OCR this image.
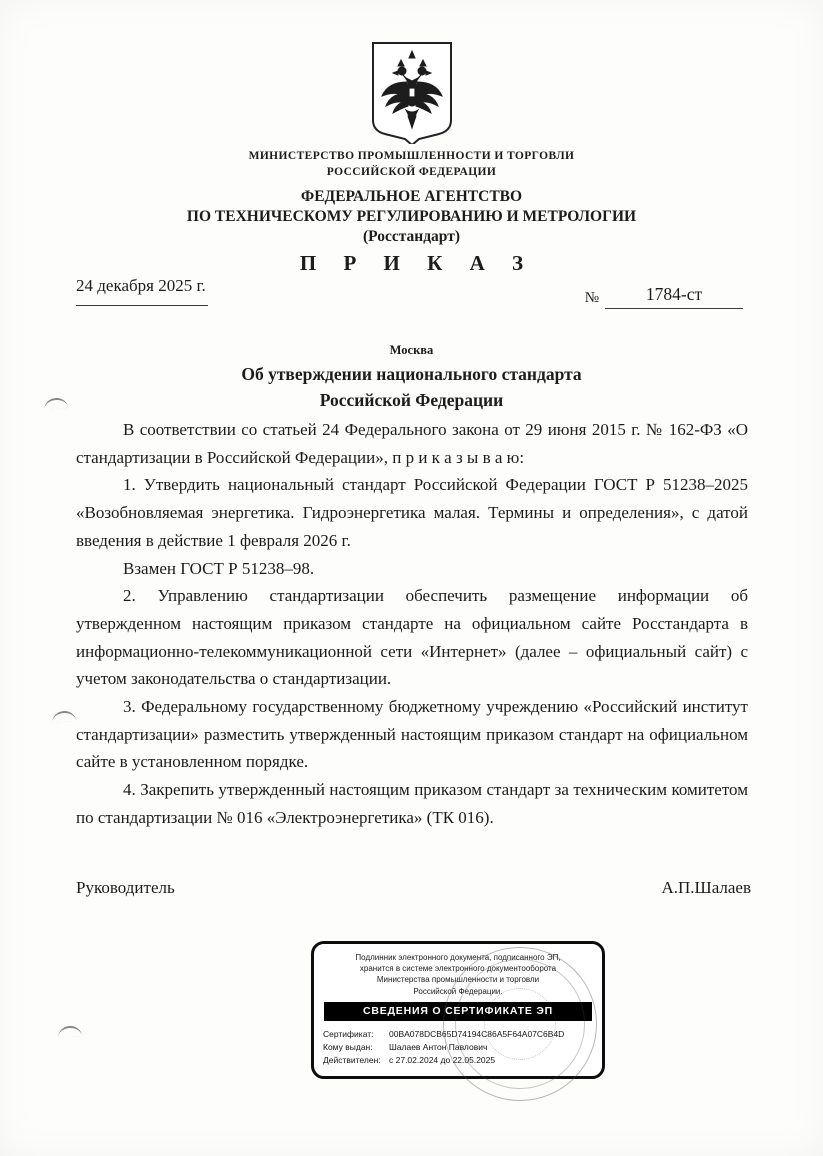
МИНИСТЕРСТВО ПРОМЫШЛЕННОСТИ И ТОРГОВЛИ
РОССИЙСКОЙ ФЕДЕРАЦИИ
ФЕДЕРАЛЬНОЕ АГЕНТСТВО
ПО ТЕХНИЧЕСКОМУ РЕГУЛИРОВАНИЮ И МЕТРОЛОГИИ
(Росстандарт)
П Р И К А З
24 декабря 2025 г.
№	1784-ст
Москва
Об утверждении национального стандарта
Российской Федерации

В соответствии со статьей 24 Федерального закона от 29 июня 2015 г. № 162-ФЗ «О стандартизации в Российской Федерации», п р и к а з ы в а ю:

1. Утвердить национальный стандарт Российской Федерации ГОСТ Р 51238–2025 «Возобновляемая энергетика. Гидроэнергетика малая. Термины и определения», с датой введения в действие 1 февраля 2026 г.

Взамен ГОСТ Р 51238–98.

2. Управлению стандартизации обеспечить размещение информации об утвержденном настоящим приказом стандарте на официальном сайте Росстандарта в информационно-телекоммуникационной сети «Интернет» (далее – официальный сайт) с учетом законодательства о стандартизации.

3. Федеральному государственному бюджетному учреждению «Российский институт стандартизации» разместить утвержденный настоящим приказом стандарт на официальном сайте в установленном порядке.

4. Закрепить утвержденный настоящим приказом стандарт за техническим комитетом по стандартизации № 016 «Электроэнергетика» (ТК 016).

Руководитель	А.П.Шалаев
Подлинник электронного документа, подписанного ЭП,
хранится в системе электронного документооборота
Министерства промышленности и торговли
Российской Федерации.
СВЕДЕНИЯ О СЕРТИФИКАТЕ ЭП
Сертификат:	00BA078DCB65D74194C86A5F64A07C6B4D
Кому выдан:	Шалаев Антон Павлович
Действителен: с 27.02.2024 до 22.05.2025
